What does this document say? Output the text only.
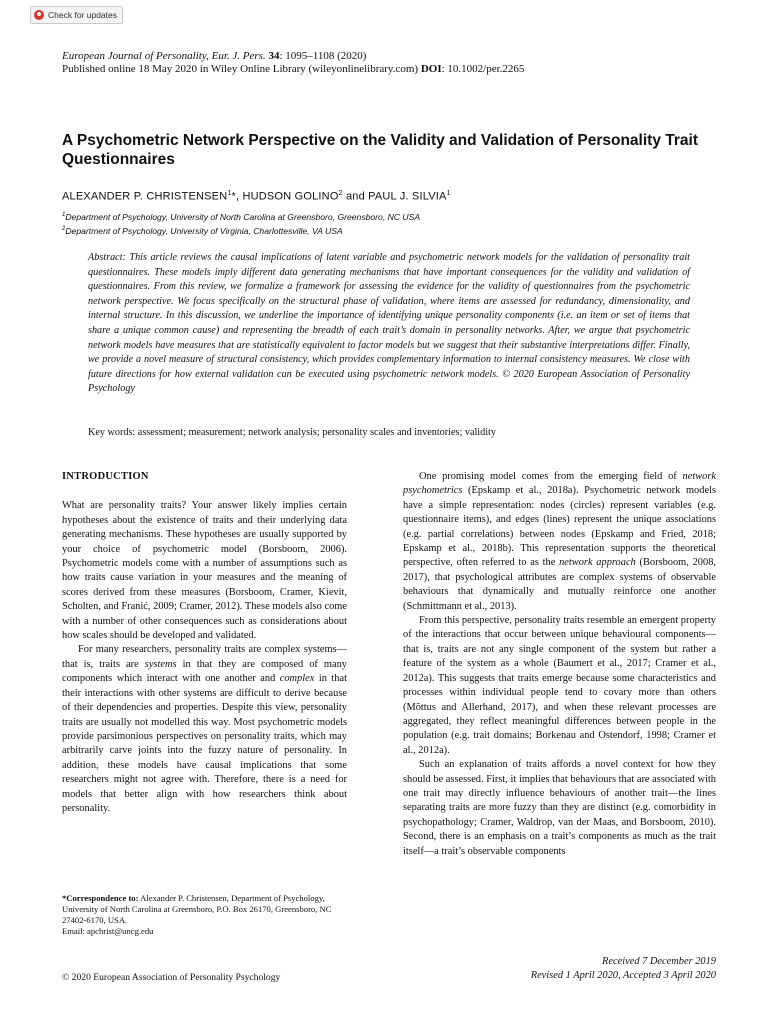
Check for updates
European Journal of Personality, Eur. J. Pers. 34: 1095–1108 (2020)
Published online 18 May 2020 in Wiley Online Library (wileyonlinelibrary.com) DOI: 10.1002/per.2265
A Psychometric Network Perspective on the Validity and Validation of Personality Trait Questionnaires
ALEXANDER P. CHRISTENSEN$^1$*, HUDSON GOLINO$^2$ and PAUL J. SILVIA$^1$
$^1$Department of Psychology, University of North Carolina at Greensboro, Greensboro, NC USA
$^2$Department of Psychology, University of Virginia, Charlottesville, VA USA

Abstract: This article reviews the causal implications of latent variable and psychometric network models for the validation of personality trait questionnaires. These models imply different data generating mechanisms that have important consequences for the validity and validation of questionnaires. From this review, we formalize a framework for assessing the evidence for the validity of questionnaires from the psychometric network perspective. We focus specifically on the structural phase of validation, where items are assessed for redundancy, dimensionality, and internal structure. In this discussion, we underline the importance of identifying unique personality components (i.e. an item or set of items that share a unique common cause) and representing the breadth of each trait’s domain in personality networks. After, we argue that psychometric network models have measures that are statistically equivalent to factor models but we suggest that their substantive interpretations differ. Finally, we provide a novel measure of structural consistency, which provides complementary information to internal consistency measures. We close with future directions for how external validation can be executed using psychometric network models. © 2020 European Association of Personality Psychology

Key words: assessment; measurement; network analysis; personality scales and inventories; validity
INTRODUCTION

What are personality traits? Your answer likely implies certain hypotheses about the existence of traits and their underlying data generating mechanisms. These hypotheses are usually supported by your choice of psychometric model (Borsboom, 2006). Psychometric models come with a number of assumptions such as how traits cause variation in your measures and the meaning of scores derived from these measures (Borsboom, Cramer, Kievit, Scholten, and Franić, 2009; Cramer, 2012). These models also come with a number of other consequences such as considerations about how scales should be developed and validated.

For many researchers, personality traits are complex systems—that is, traits are systems in that they are composed of many components which interact with one another and complex in that their interactions with other systems are difficult to derive because of their dependencies and properties. Despite this view, personality traits are usually not modelled this way. Most psychometric models provide parsimonious perspectives on personality traits, which may arbitrarily carve joints into the fuzzy nature of personality. In addition, these models have causal implications that some researchers might not agree with. Therefore, there is a need for models that better align with how researchers think about personality.

One promising model comes from the emerging field of network psychometrics (Epskamp et al., 2018a). Psychometric network models have a simple representation: nodes (circles) represent variables (e.g. questionnaire items), and edges (lines) represent the unique associations (e.g. partial correlations) between nodes (Epskamp and Fried, 2018; Epskamp et al., 2018b). This representation supports the theoretical perspective, often referred to as the network approach (Borsboom, 2008, 2017), that psychological attributes are complex systems of observable behaviours that dynamically and mutually reinforce one another (Schmittmann et al., 2013).

From this perspective, personality traits resemble an emergent property of the interactions that occur between unique behavioural components—that is, traits are not any single component of the system but rather a feature of the system as a whole (Baumert et al., 2017; Cramer et al., 2012a). This suggests that traits emerge because some characteristics and processes within individual people tend to covary more than others (Mõttus and Allerhand, 2017), and when these relevant processes are aggregated, they reflect meaningful differences between people in the population (e.g. trait domains; Borkenau and Ostendorf, 1998; Cramer et al., 2012a).

Such an explanation of traits affords a novel context for how they should be assessed. First, it implies that behaviours that are associated with one trait may directly influence behaviours of another trait—the lines separating traits are more fuzzy than they are distinct (e.g. comorbidity in psychopathology; Cramer, Waldrop, van der Maas, and Borsboom, 2010). Second, there is an emphasis on a trait’s components as much as the trait itself—a trait’s observable components

*Correspondence to: Alexander P. Christensen, Department of Psychology, University of North Carolina at Greensboro, P.O. Box 26170, Greensboro, NC 27402-6170, USA.
Email: apchrist@uncg.edu
© 2020 European Association of Personality Psychology
Received 7 December 2019
Revised 1 April 2020, Accepted 3 April 2020
